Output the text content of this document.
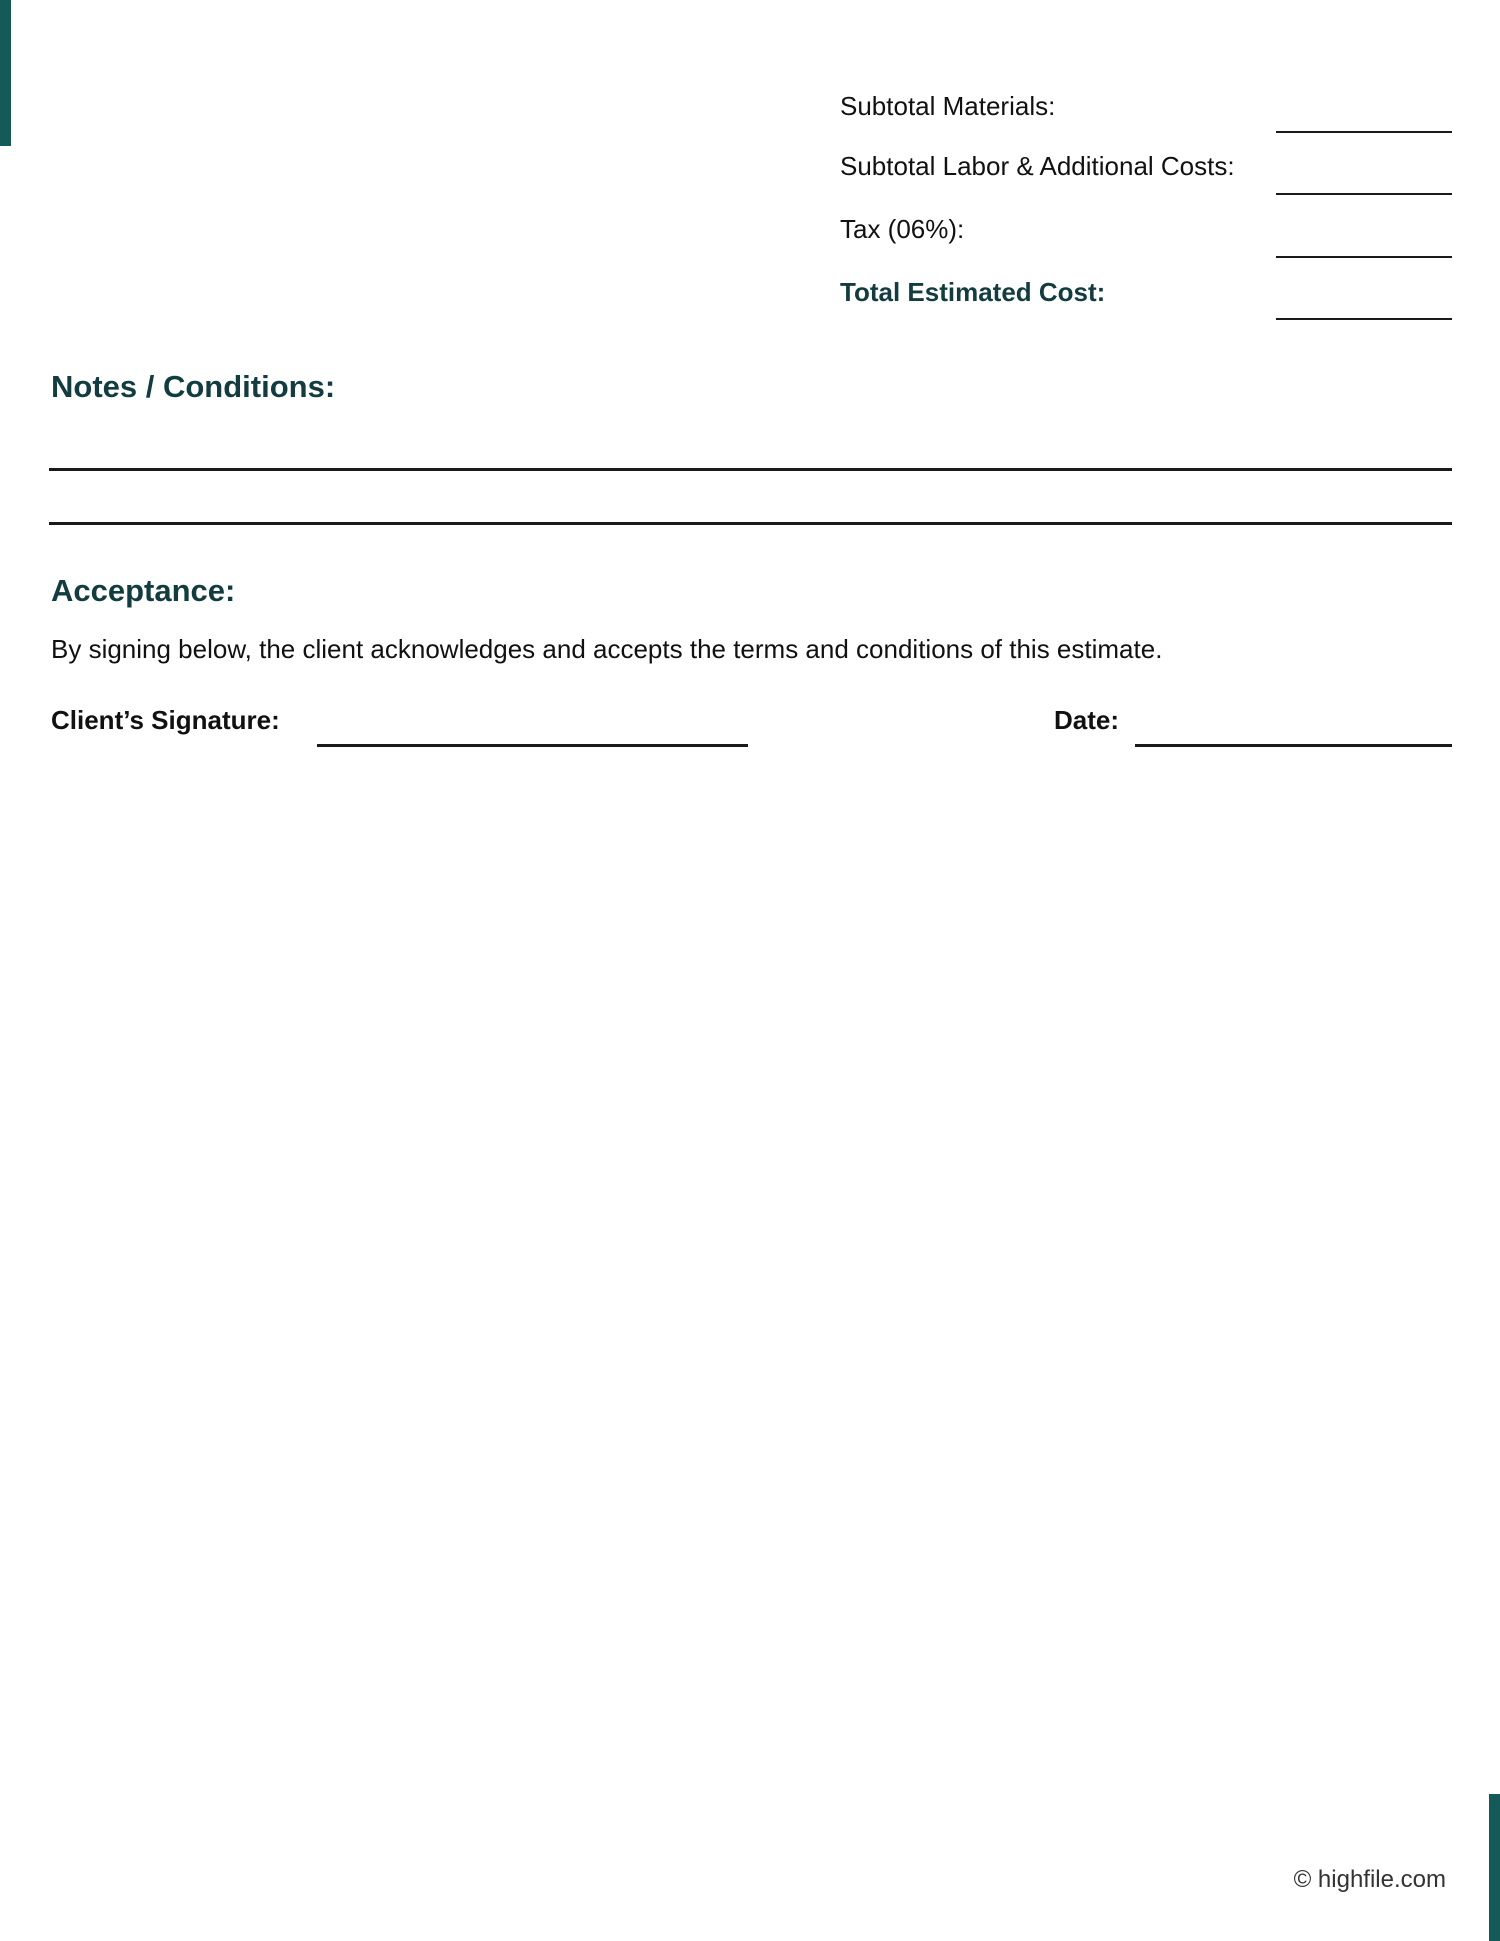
Subtotal Materials:
Subtotal Labor & Additional Costs:
Tax (06%):
Total Estimated Cost:
Notes / Conditions:
Acceptance:

By signing below, the client acknowledges and accepts the terms and conditions of this estimate.

Client’s Signature:	Date:
© highfile.com
